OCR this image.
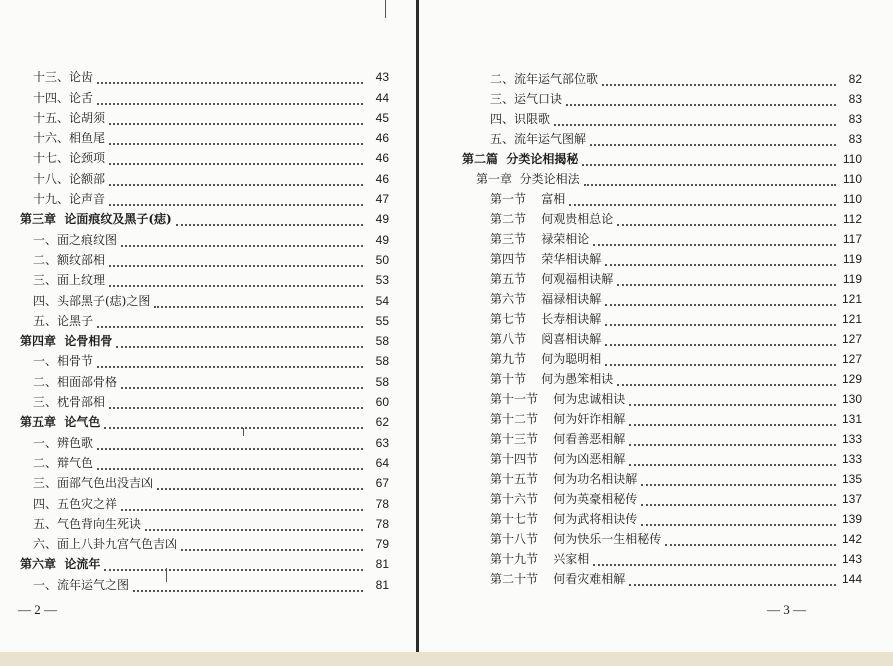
十三、论齿	43
十四、论舌	44
十五、论胡须	45
十六、相鱼尾	46
十七、论颈项	46
十八、论额部	46
十九、论声音	47
第三章  论面痕纹及黑子(痣)	49
一、面之痕纹图	49
二、额纹部相	50
三、面上纹理	53
四、头部黑子(痣)之图	54
五、论黑子	55
第四章  论骨相骨	58
一、相骨节	58
二、相面部骨格	58
三、枕骨部相	60
第五章  论气色	62
一、辨色歌	63
二、辩气色	64
三、面部气色出没吉凶	67
四、五色灾之祥	78
五、气色背向生死诀	78
六、面上八卦九宫气色吉凶	79
第六章  论流年	81
一、流年运气之图	81
— 2 —
二、流年运气部位歌	82
三、运气口诀	83
四、识限歌	83
五、流年运气图解	83
第二篇  分类论相揭秘	110
第一章  分类论相法	110
第一节    富相	110
第二节    何观贵相总论	112
第三节    禄荣相论	117
第四节    荣华相诀解	119
第五节    何观福相诀解	119
第六节    福禄相诀解	121
第七节    长寿相诀解	121
第八节    阅喜相诀解	127
第九节    何为聪明相	127
第十节    何为愚笨相诀	129
第十一节    何为忠诚相诀	130
第十二节    何为奸诈相解	131
第十三节    何看善恶相解	133
第十四节    何为凶恶相解	133
第十五节    何为功名相诀解	135
第十六节    何为英豪相秘传	137
第十七节    何为武将相诀传	139
第十八节    何为快乐一生相秘传	142
第十九节    兴家相	143
第二十节    何看灾难相解	144
— 3 —
